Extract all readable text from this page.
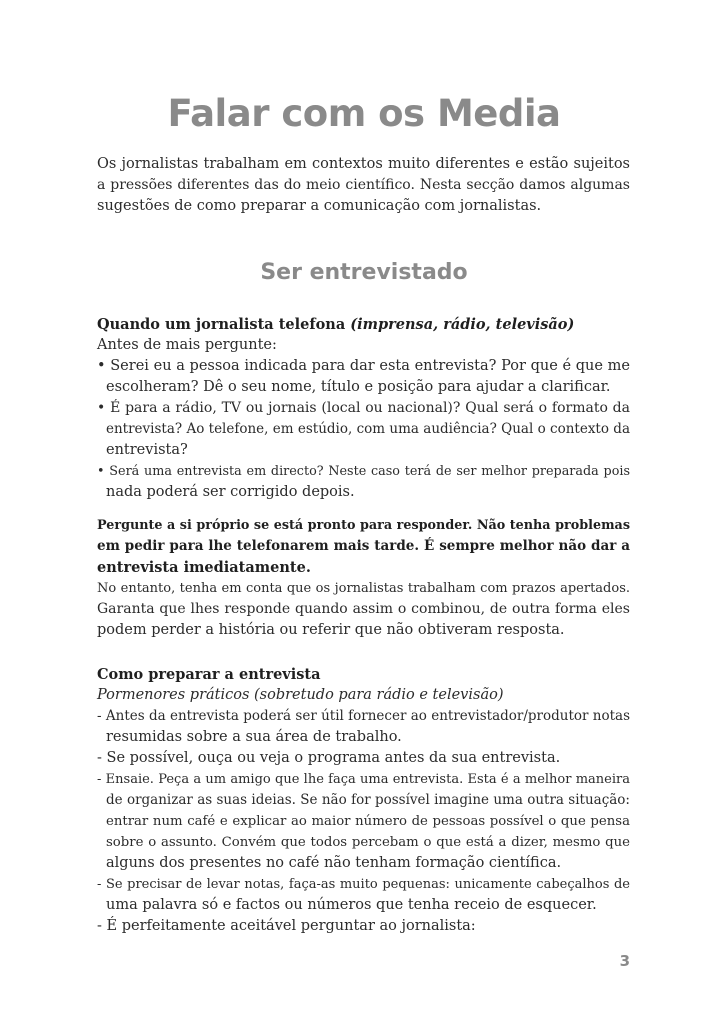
Falar com os Media
Os jornalistas trabalham em contextos muito diferentes e estão sujeitos
a pressões diferentes das do meio científico. Nesta secção damos algumas
sugestões de como preparar a comunicação com jornalistas.
Ser entrevistado
Quando um jornalista telefona (imprensa, rádio, televisão)
Antes de mais pergunte:
• Serei eu a pessoa indicada para dar esta entrevista? Por que é que me
escolheram? Dê o seu nome, título e posição para ajudar a clarificar.
• É para a rádio, TV ou jornais (local ou nacional)? Qual será o formato da
entrevista? Ao telefone, em estúdio, com uma audiência? Qual o contexto da
entrevista?
• Será uma entrevista em directo? Neste caso terá de ser melhor preparada pois
nada poderá ser corrigido depois.
Pergunte a si próprio se está pronto para responder. Não tenha problemas
em pedir para lhe telefonarem mais tarde. É sempre melhor não dar a
entrevista imediatamente.
No entanto, tenha em conta que os jornalistas trabalham com prazos apertados.
Garanta que lhes responde quando assim o combinou, de outra forma eles
podem perder a história ou referir que não obtiveram resposta.
Como preparar a entrevista
Pormenores práticos (sobretudo para rádio e televisão)
- Antes da entrevista poderá ser útil fornecer ao entrevistador/produtor notas
resumidas sobre a sua área de trabalho.
- Se possível, ouça ou veja o programa antes da sua entrevista.
- Ensaie. Peça a um amigo que lhe faça uma entrevista. Esta é a melhor maneira
de organizar as suas ideias. Se não for possível imagine uma outra situação:
entrar num café e explicar ao maior número de pessoas possível o que pensa
sobre o assunto. Convém que todos percebam o que está a dizer, mesmo que
alguns dos presentes no café não tenham formação científica.
- Se precisar de levar notas, faça-as muito pequenas: unicamente cabeçalhos de
uma palavra só e factos ou números que tenha receio de esquecer.
- É perfeitamente aceitável perguntar ao jornalista:
3
